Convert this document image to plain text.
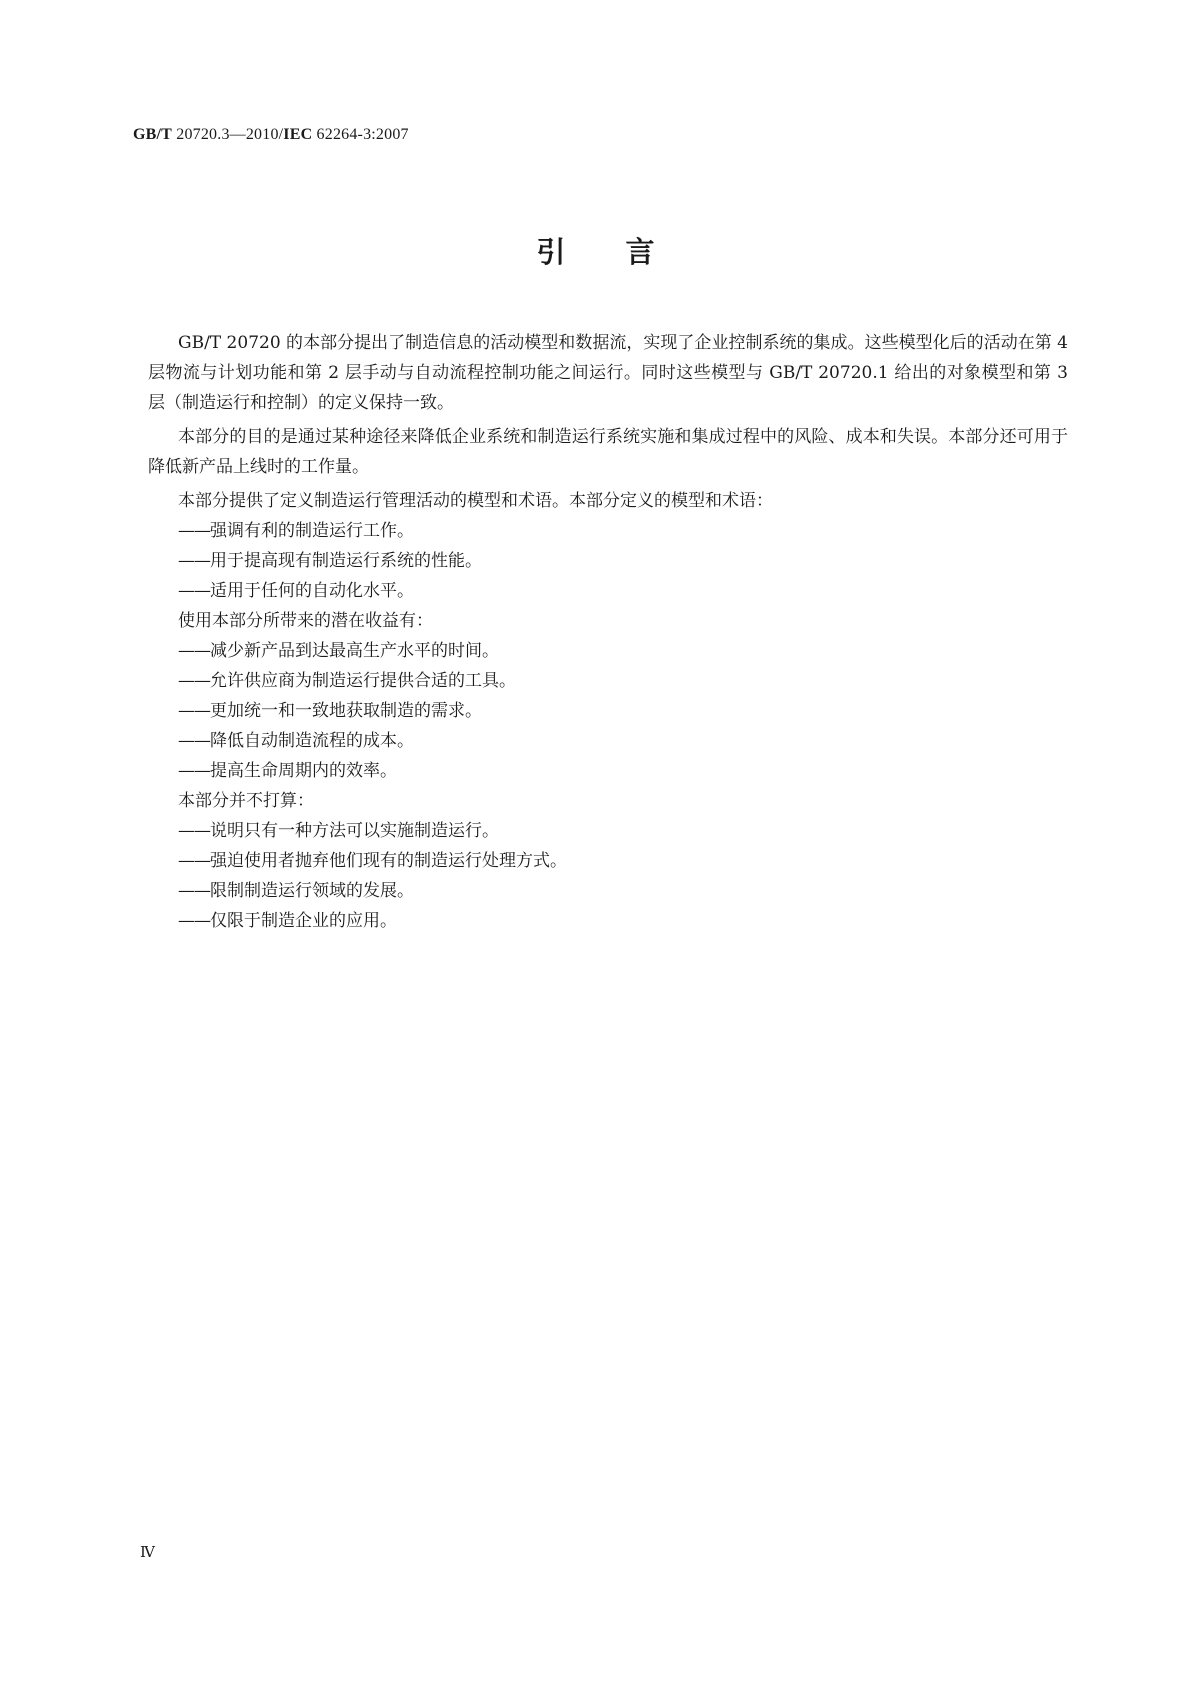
GB/T 20720.3—2010/IEC 62264-3:2007
引言

GB/T 20720 的本部分提出了制造信息的活动模型和数据流，实现了企业控制系统的集成。这些模型化后的活动在第 4 层物流与计划功能和第 2 层手动与自动流程控制功能之间运行。同时这些模型与 GB/T 20720.1 给出的对象模型和第 3 层（制造运行和控制）的定义保持一致。

本部分的目的是通过某种途径来降低企业系统和制造运行系统实施和集成过程中的风险、成本和失误。本部分还可用于降低新产品上线时的工作量。

本部分提供了定义制造运行管理活动的模型和术语。本部分定义的模型和术语：

——强调有利的制造运行工作。

——用于提高现有制造运行系统的性能。

——适用于任何的自动化水平。

使用本部分所带来的潜在收益有：

——减少新产品到达最高生产水平的时间。

——允许供应商为制造运行提供合适的工具。

——更加统一和一致地获取制造的需求。

——降低自动制造流程的成本。

——提高生命周期内的效率。

本部分并不打算：

——说明只有一种方法可以实施制造运行。

——强迫使用者抛弃他们现有的制造运行处理方式。

——限制制造运行领域的发展。

——仅限于制造企业的应用。

Ⅳ
